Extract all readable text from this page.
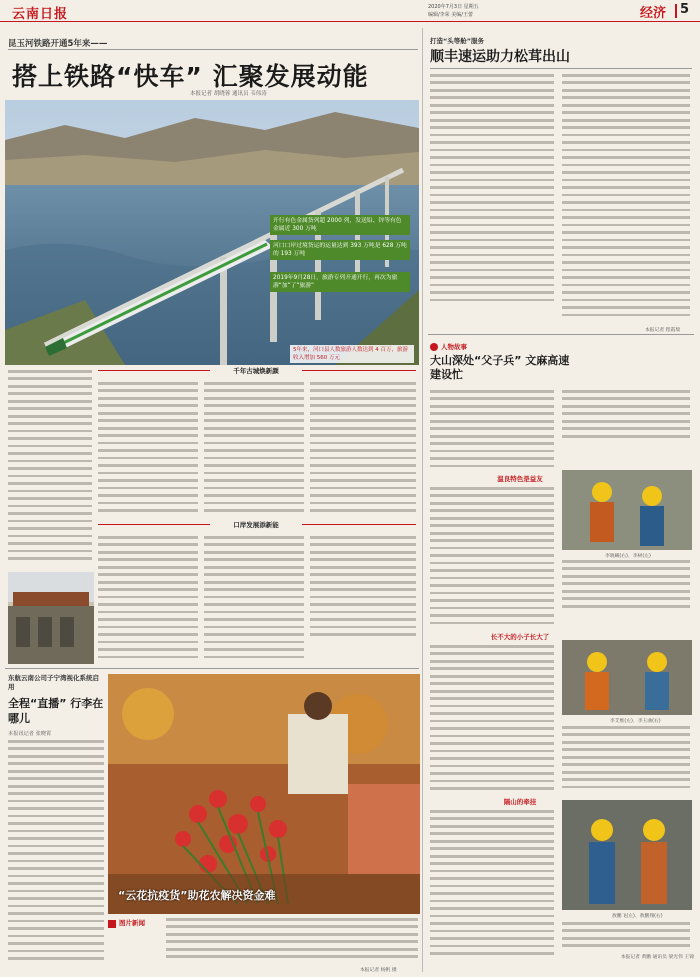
云南日报	2020年7月3日 星期五
编辑/李荣 美编/王蕾	经济 5
昆玉河铁路开通5年来——
搭上铁路“快车” 汇聚发展动能
本报记者 胡晓蓉 通讯员 韦伟涛
开行有色金属货列超 2000 列，发送铅、锌等有色金属近 300 万吨
河口口岸过境货运的运量达到 393 万吨是 628 万吨的 193 万吨
2019年9月28日，旅游专列开通开行，再次为旅游“加”了“旅游”
5年来，河口县人数旅游人数达到 4 百万，旅游收入增加 560 万元
千年古城焕新颜
口岸发展添新能
东航云南公司子宁湾视化系统启用
全程“直播” 行李在哪儿
本报讯记者 张晓霄
“云花抗疫货”助花农解决资金难
图片新闻
本报记者 杨帆 摄
打造“头等舱”服务
顺丰速运助力松茸出山
本报记者 程霞瑞
人物故事
大山深处“父子兵” 文麻高速建设忙
温良特色是益友
李晓曦(右)、李树(左)
长不大的小子长大了
李艾维(左)、李玉曲(右)
隔山的牵挂
敖鹏飞(左)、敖鹏翔(右)
本报记者 黄鹏 通讯员 梁光伟 王锦
